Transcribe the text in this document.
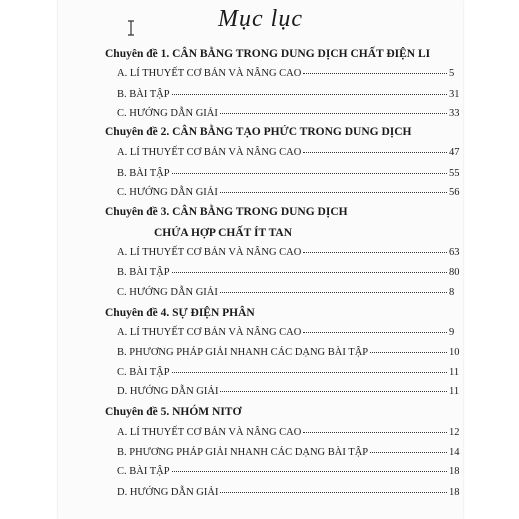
Mục lục
Chuyên đề 1. CÂN BẰNG TRONG DUNG DỊCH CHẤT ĐIỆN LI
A. LÍ THUYẾT CƠ BẢN VÀ NÂNG CAO	5
B. BÀI TẬP	31
C. HƯỚNG DẪN GIẢI	33
Chuyên đề 2. CÂN BẰNG TẠO PHỨC TRONG DUNG DỊCH
A. LÍ THUYẾT CƠ BẢN VÀ NÂNG CAO	47
B. BÀI TẬP	55
C. HƯỚNG DẪN GIẢI	56
Chuyên đề 3. CÂN BẰNG TRONG DUNG DỊCH
CHỨA HỢP CHẤT ÍT TAN
A. LÍ THUYẾT CƠ BẢN VÀ NÂNG CAO	63
B. BÀI TẬP	80
C. HƯỚNG DẪN GIẢI	8
Chuyên đề 4. SỰ ĐIỆN PHÂN
A. LÍ THUYẾT CƠ BẢN VÀ NÂNG CAO	9
B. PHƯƠNG PHÁP GIẢI NHANH CÁC DẠNG BÀI TẬP	10
C. BÀI TẬP	11
D. HƯỚNG DẪN GIẢI	11
Chuyên đề 5. NHÓM NITƠ
A. LÍ THUYẾT CƠ BẢN VÀ NÂNG CAO	12
B. PHƯƠNG PHÁP GIẢI NHANH CÁC DẠNG BÀI TẬP	14
C. BÀI TẬP	18
D. HƯỚNG DẪN GIẢI	18
